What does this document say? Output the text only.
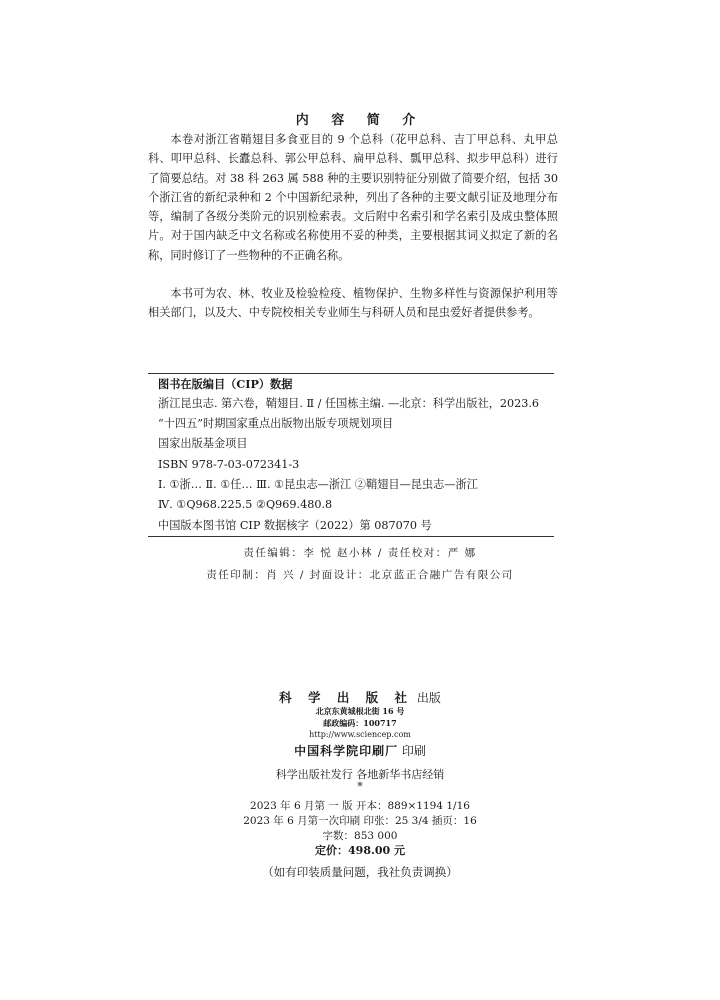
内 容 简 介

本卷对浙江省鞘翅目多食亚目的 9 个总科（花甲总科、吉丁甲总科、丸甲总科、叩甲总科、长蠹总科、郭公甲总科、扁甲总科、瓢甲总科、拟步甲总科）进行了简要总结。对 38 科 263 属 588 种的主要识别特征分别做了简要介绍，包括 30 个浙江省的新纪录种和 2 个中国新纪录种，列出了各种的主要文献引证及地理分布等，编制了各级分类阶元的识别检索表。文后附中名索引和学名索引及成虫整体照片。对于国内缺乏中文名称或名称使用不妥的种类，主要根据其词义拟定了新的名称，同时修订了一些物种的不正确名称。

本书可为农、林、牧业及检验检疫、植物保护、生物多样性与资源保护利用等相关部门，以及大、中专院校相关专业师生与科研人员和昆虫爱好者提供参考。

图书在版编目（CIP）数据
浙江昆虫志. 第六卷，鞘翅目. Ⅱ / 任国栋主编. —北京：科学出版社，2023.6
“十四五”时期国家重点出版物出版专项规划项目
国家出版基金项目
ISBN 978-7-03-072341-3
Ⅰ. ①浙… Ⅱ. ①任… Ⅲ. ①昆虫志—浙江 ②鞘翅目—昆虫志—浙江
Ⅳ. ①Q968.225.5 ②Q969.480.8
中国版本图书馆 CIP 数据核字（2022）第 087070 号
责任编辑：李 悦 赵小林 / 责任校对：严 娜
责任印制：肖 兴 / 封面设计：北京蓝正合融广告有限公司
科 学 出 版 社 出版
北京东黄城根北街 16 号
邮政编码：100717
http://www.sciencep.com
中国科学院印刷厂 印刷
科学出版社发行 各地新华书店经销
*
2023 年 6 月第 一 版 开本：889×1194 1/16
2023 年 6 月第一次印刷 印张：25 3/4 插页：16
字数：853 000
定价：498.00 元
（如有印装质量问题，我社负责调换）
